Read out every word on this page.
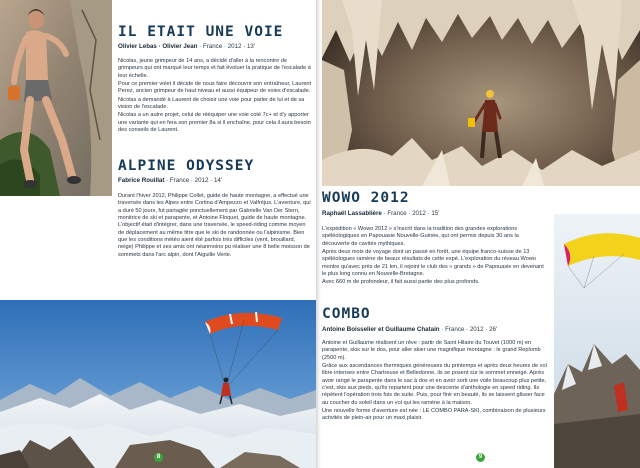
IL ETAIT UNE VOIE
Olivier Lebas · Olivier Jean · France · 2012 · 13'

Nicolas, jeune grimpeur de 14 ans, a décidé d'aller à la rencontre de grimpeurs qui ont marqué leur temps et fait évoluer la pratique de l'escalade à leur échelle.

Pour ce premier volet il décide de nous faire découvrir son entraîneur, Laurent Perez, ancien grimpeur de haut niveau et aussi équipeur de voies d'escalade.

Nicolas a demandé à Laurent de choisir une voie pour parler de lui et de sa vision de l'escalade.

Nicolas a un autre projet, celui de rééquiper une voie coté 7c+ et d'y apporter une variante qui en fera son premier 8a si il enchaîne, pour cela il aura besoin des conseils de Laurent.

ALPINE ODYSSEY
Fabrice Rouillat · France · 2012 · 14'

Durant l'hiver 2012, Philippe Collet, guide de haute montagne, a effectué une traversée dans les Alpes entre Cortina d'Ampezzo et Valfréjus. L'aventure, qui a duré 50 jours, fut partagée ponctuellement par Gabrielle Van Der Stern, monitrice de ski et parapente, et Antoine Floquet, guide de haute montagne. L'objectif était d'intégrer, dans une traversée, le speed-riding comme moyen de déplacement au même titre que le ski de randonnée ou l'alpinisme. Bien que les conditions météo aient été parfois très difficiles (vent, brouillard, neige) Philippe et ses amis ont néanmoins pu réaliser une 8 belle moisson de sommets dans l'arc alpin, dont l'Aiguille Verte.

8
WOWO 2012
Raphaël Lassablière · France · 2012 · 15'

L'expédition « Wowo 2012 » s'inscrit dans la tradition des grandes explorations spéléologiques en Papouasie Nouvelle-Guinée, qui ont permis depuis 30 ans la découverte de cavités mythiques.

Après deux mois de voyage dont un passé en forêt, une équipe franco-suisse de 13 spéléologues ramène de beaux résultats de cette expé. L'exploration du réseau Wowo montre qu'avec près de 21 km, il rejoint le club des « grands » de Papouasie en devenant le plus long connu en Nouvelle-Bretagne.

Avec 660 m de profondeur, il fait aussi partie des plus profonds.

COMBO
Antoine Boisselier et Guillaume Chatain · France · 2012 · 26'

Antoine et Guillaume réalisent un rêve : partir de Saint Hilaire du Touvet (1000 m) en parapente, skis sur le dos, pour aller skier une magnifique montagne : le grand Replomb (2500 m).

Grâce aux ascendances thermiques généreuses du printemps et après deux heures de vol libre intenses entre Chartreuse et Belledonne, ils se posent sur le sommet enneigé. Après avoir rangé le parapente dans le sac à dos et en avoir sorti une voile beaucoup plus petite, c'est, skis aux pieds, qu'ils repartent pour une descente d'anthologie en speed riding. Ils répètent l'opération trois fois de suite. Puis, pour finir en beauté, ils se laissent glisser face au coucher du soleil dans un vol qui les ramène à la maison.

Une nouvelle forme d'aventure est née : LE COMBO PARA-SKI, combinaison de plusieurs activités de plein-air pour un maxi plaisir.

9
